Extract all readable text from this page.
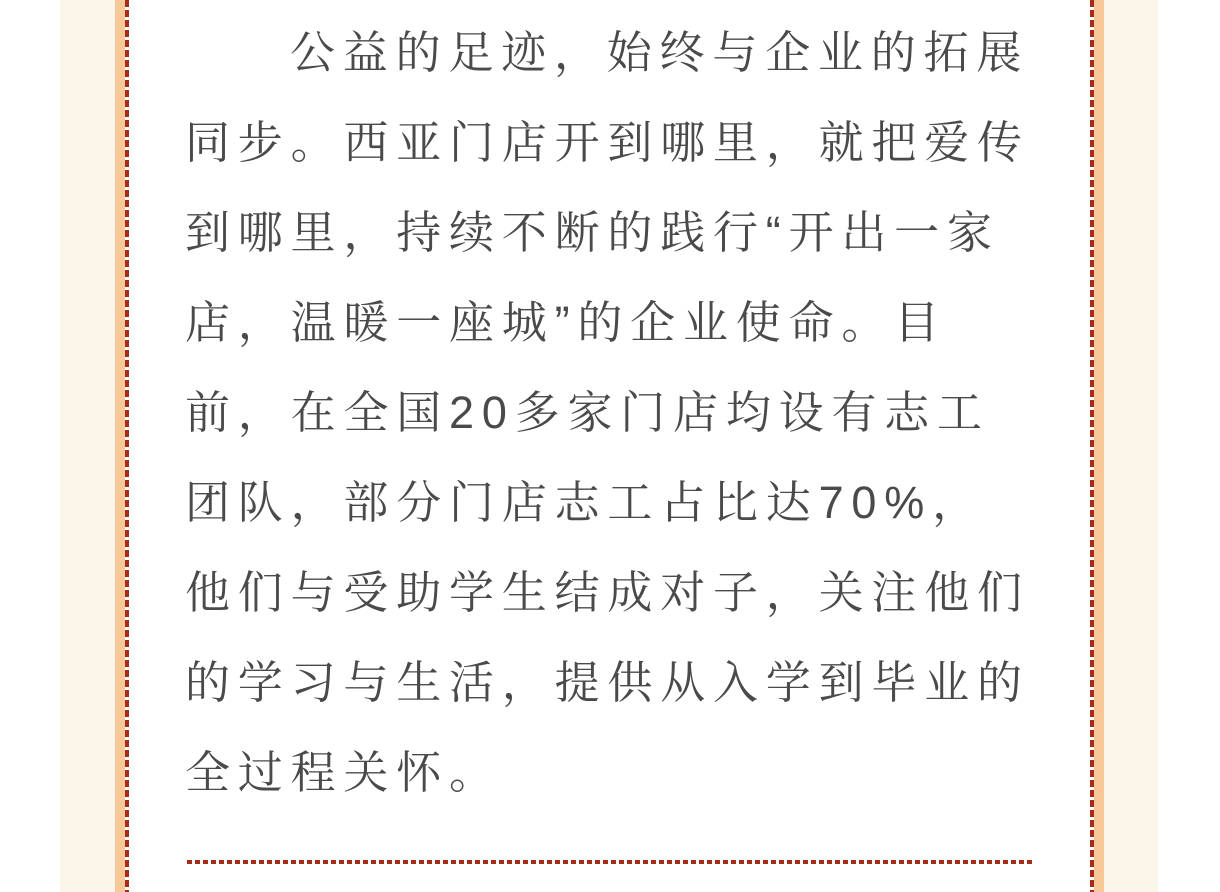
公益的足迹，始终与企业的拓展同步。西亚门店开到哪里，就把爱传到哪里，持续不断的践行“开出一家店，温暖一座城”的企业使命。目前，在全国20多家门店均设有志工团队，部分门店志工占比达70%，他们与受助学生结成对子，关注他们的学习与生活，提供从入学到毕业的全过程关怀。
